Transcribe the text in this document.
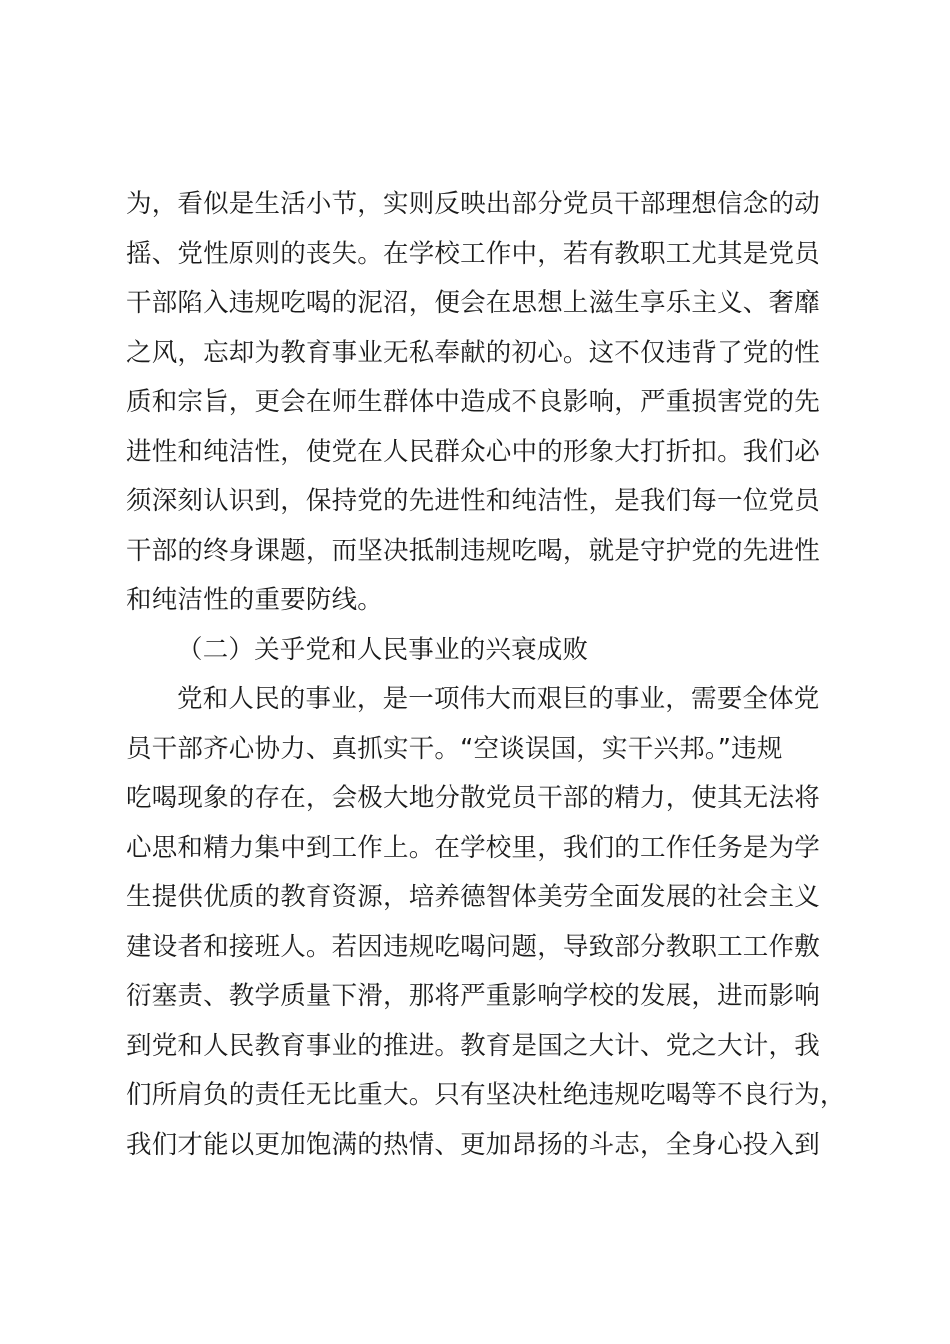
为，看似是生活小节，实则反映出部分党员干部理想信念的动
摇、党性原则的丧失。在学校工作中，若有教职工尤其是党员
干部陷入违规吃喝的泥沼，便会在思想上滋生享乐主义、奢靡
之风，忘却为教育事业无私奉献的初心。这不仅违背了党的性
质和宗旨，更会在师生群体中造成不良影响，严重损害党的先
进性和纯洁性，使党在人民群众心中的形象大打折扣。我们必
须深刻认识到，保持党的先进性和纯洁性，是我们每一位党员
干部的终身课题，而坚决抵制违规吃喝，就是守护党的先进性
和纯洁性的重要防线。
（二）关乎党和人民事业的兴衰成败
党和人民的事业，是一项伟大而艰巨的事业，需要全体党
员干部齐心协力、真抓实干。“空谈误国，实干兴邦。”违规
吃喝现象的存在，会极大地分散党员干部的精力，使其无法将
心思和精力集中到工作上。在学校里，我们的工作任务是为学
生提供优质的教育资源，培养德智体美劳全面发展的社会主义
建设者和接班人。若因违规吃喝问题，导致部分教职工工作敷
衍塞责、教学质量下滑，那将严重影响学校的发展，进而影响
到党和人民教育事业的推进。教育是国之大计、党之大计，我
们所肩负的责任无比重大。只有坚决杜绝违规吃喝等不良行为，
我们才能以更加饱满的热情、更加昂扬的斗志，全身心投入到
